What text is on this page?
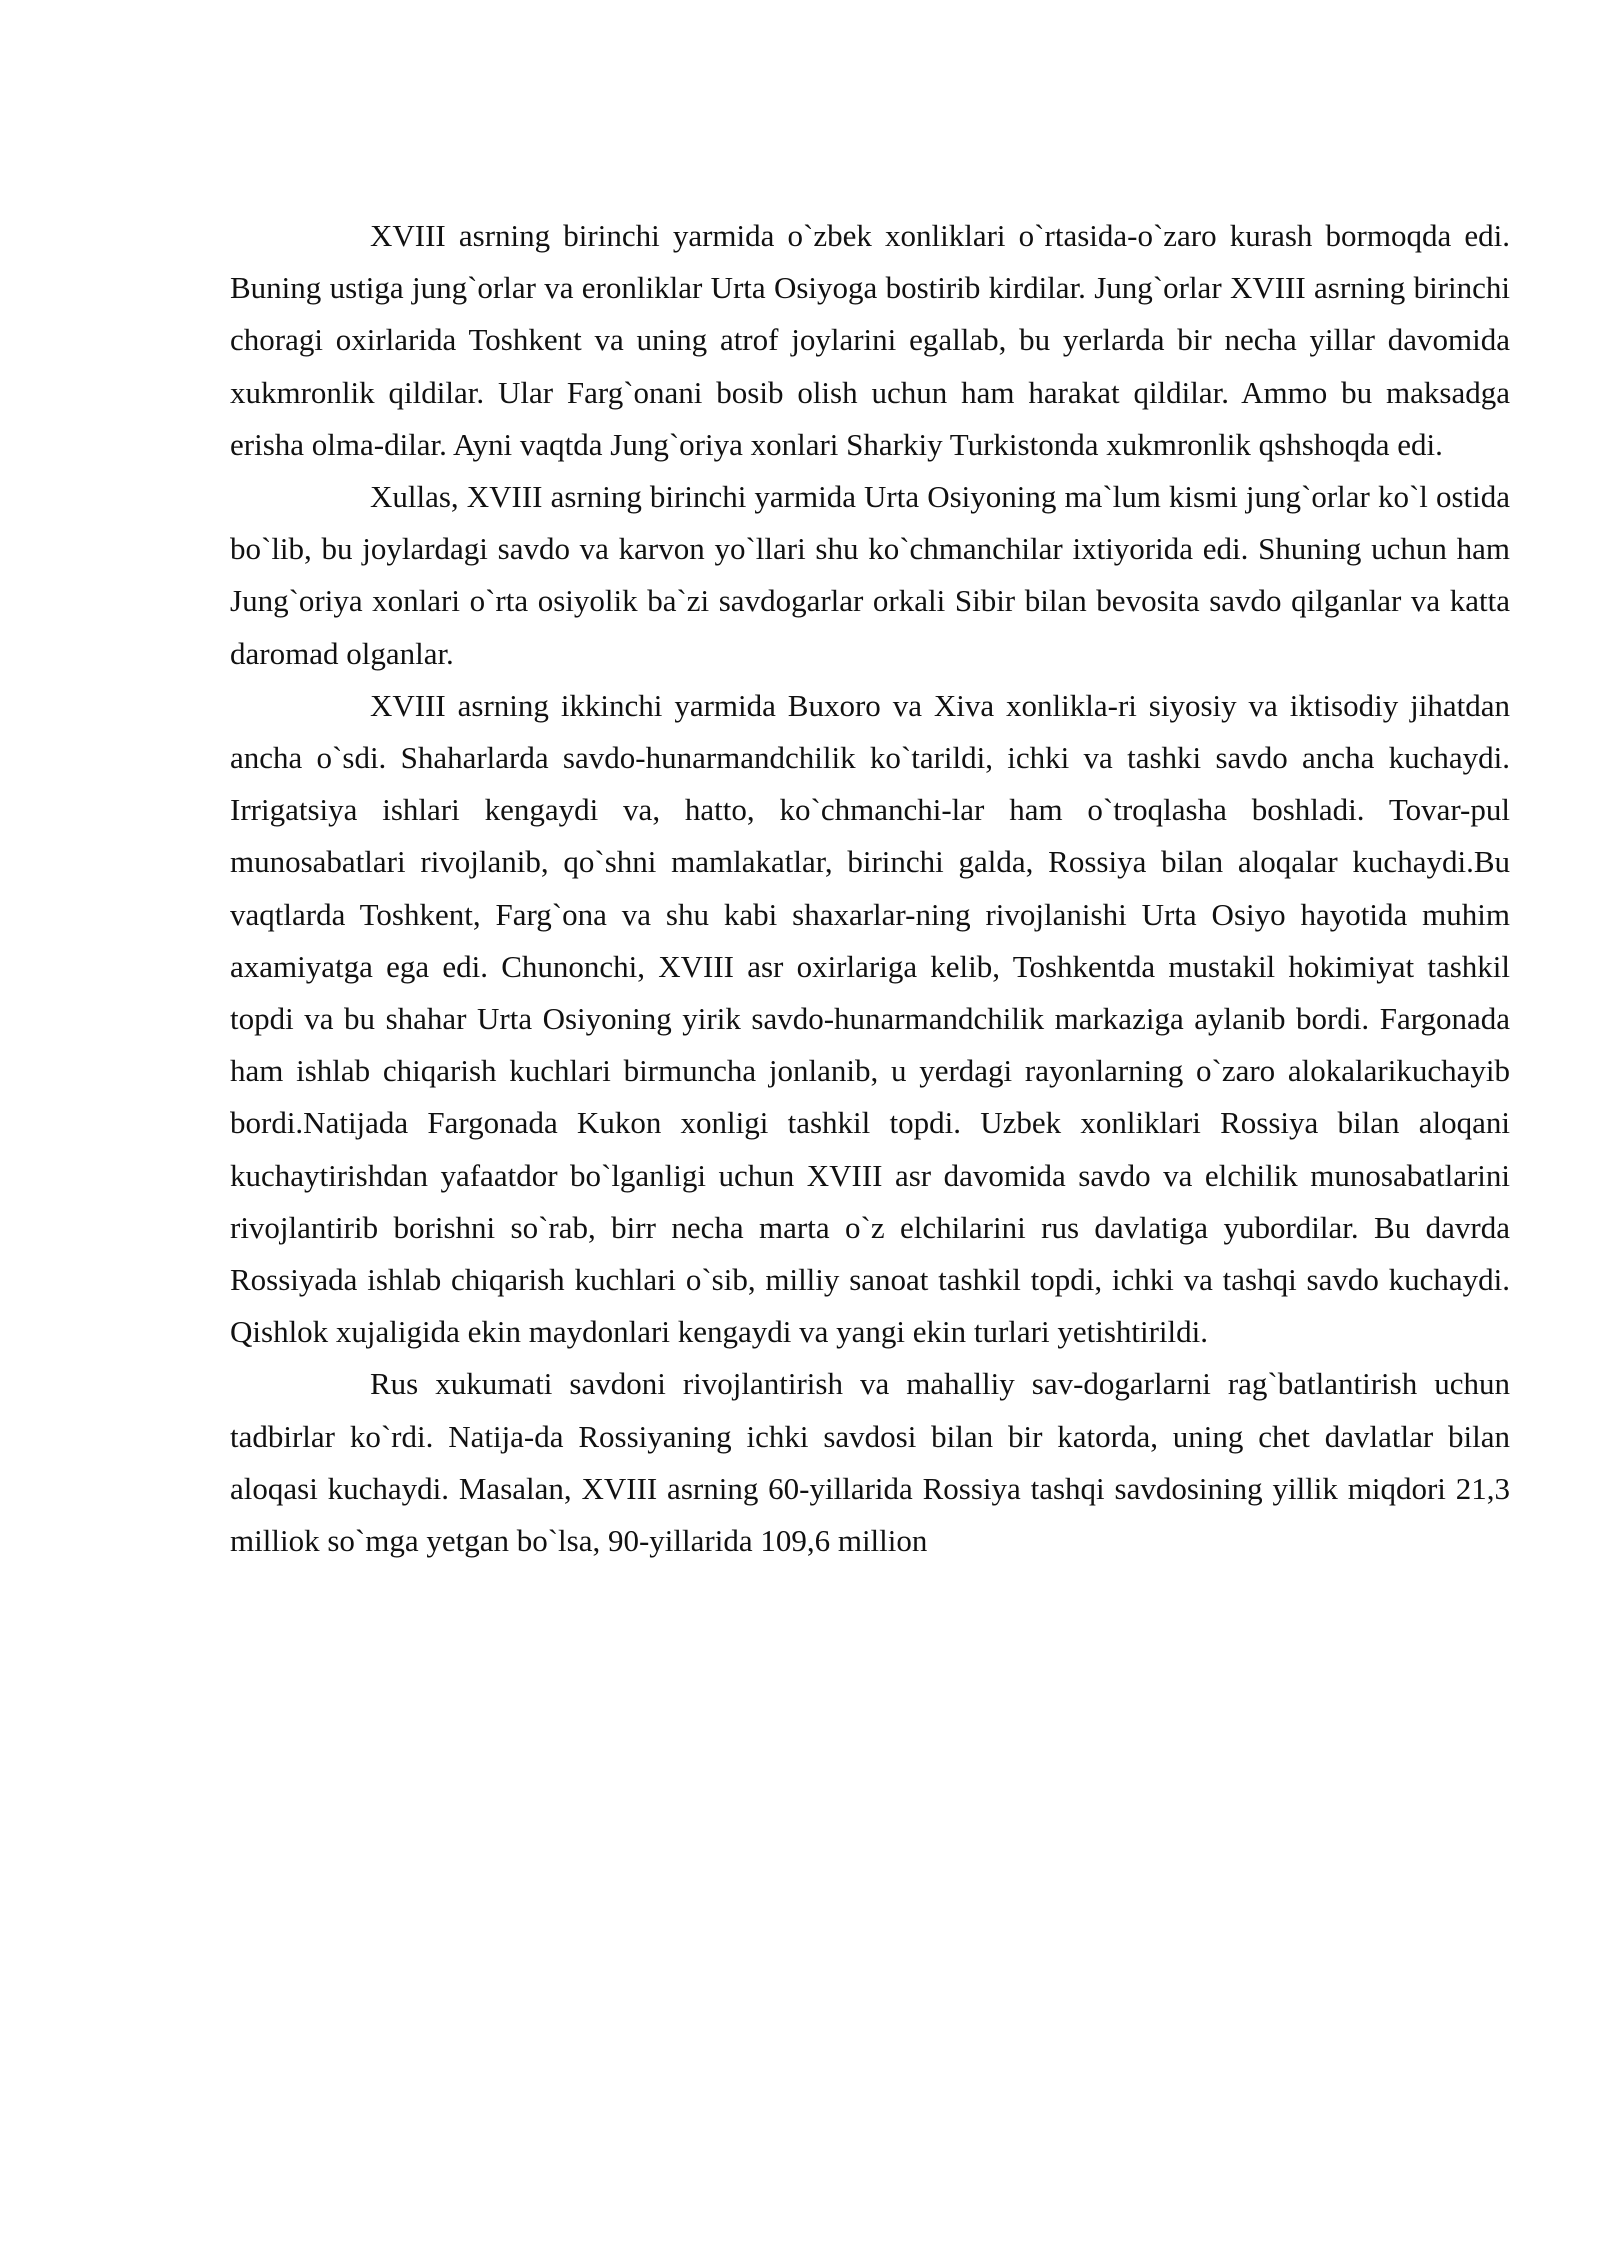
XVIII asrning birinchi yarmida o`zbek xonliklari o`rtasida-o`zaro kurash bormoqda edi. Buning ustiga jung`orlar va eronliklar Urta Osiyoga bostirib kirdilar. Jung`orlar XVIII asrning birinchi choragi oxirlarida Toshkent va uning atrof joylarini egallab, bu yerlarda bir necha yillar davomida xukmronlik qildilar. Ular Farg`onani bosib olish uchun ham harakat qildilar. Ammo bu maksadga erisha olma-dilar. Ayni vaqtda Jung`oriya xonlari Sharkiy Turkistonda xukmronlik qshshoqda edi.

Xullas, XVIII asrning birinchi yarmida Urta Osiyoning ma`lum kismi jung`orlar ko`l ostida bo`lib, bu joylardagi savdo va karvon yo`llari shu ko`chmanchilar ixtiyorida edi. Shuning uchun ham Jung`oriya xonlari o`rta osiyolik ba`zi savdogarlar orkali Sibir bilan bevosita savdo qilganlar va katta daromad olganlar.

XVIII asrning ikkinchi yarmida Buxoro va Xiva xonlikla-ri siyosiy va iktisodiy jihatdan ancha o`sdi. Shaharlarda savdo-hunarmandchilik ko`tarildi, ichki va tashki savdo ancha kuchaydi. Irrigatsiya ishlari kengaydi va, hatto, ko`chmanchi-lar ham o`troqlasha boshladi. Tovar-pul munosabatlari rivojlanib, qo`shni mamlakatlar, birinchi galda, Rossiya bilan aloqalar kuchaydi.Bu vaqtlarda Toshkent, Farg`ona va shu kabi shaxarlar-ning rivojlanishi Urta Osiyo hayotida muhim axamiyatga ega edi. Chunonchi, XVIII asr oxirlariga kelib, Toshkentda mustakil hokimiyat tashkil topdi va bu shahar Urta Osiyoning yirik savdo-hunarmandchilik markaziga aylanib bordi. Fargonada ham ishlab chiqarish kuchlari birmuncha jonlanib, u yerdagi rayonlarning o`zaro alokalarikuchayib bordi.Natijada Fargonada Kukon xonligi tashkil topdi. Uzbek xonliklari Rossiya bilan aloqani kuchaytirishdan yafaatdor bo`lganligi uchun XVIII asr davomida savdo va elchilik munosabatlarini rivojlantirib borishni so`rab, birr necha marta o`z elchilarini rus davlatiga yubordilar. Bu davrda Rossiyada ishlab chiqarish kuchlari o`sib, milliy sanoat tashkil topdi, ichki va tashqi savdo kuchaydi. Qishlok xujaligida ekin maydonlari kengaydi va yangi ekin turlari yetishtirildi.

Rus xukumati savdoni rivojlantirish va mahalliy sav-dogarlarni rag`batlantirish uchun tadbirlar ko`rdi. Natija-da Rossiyaning ichki savdosi bilan bir katorda, uning chet davlatlar bilan aloqasi kuchaydi. Masalan, XVIII asrning 60-yillarida Rossiya tashqi savdosining yillik miqdori 21,3 milliok so`mga yetgan bo`lsa, 90-yillarida 109,6 million
